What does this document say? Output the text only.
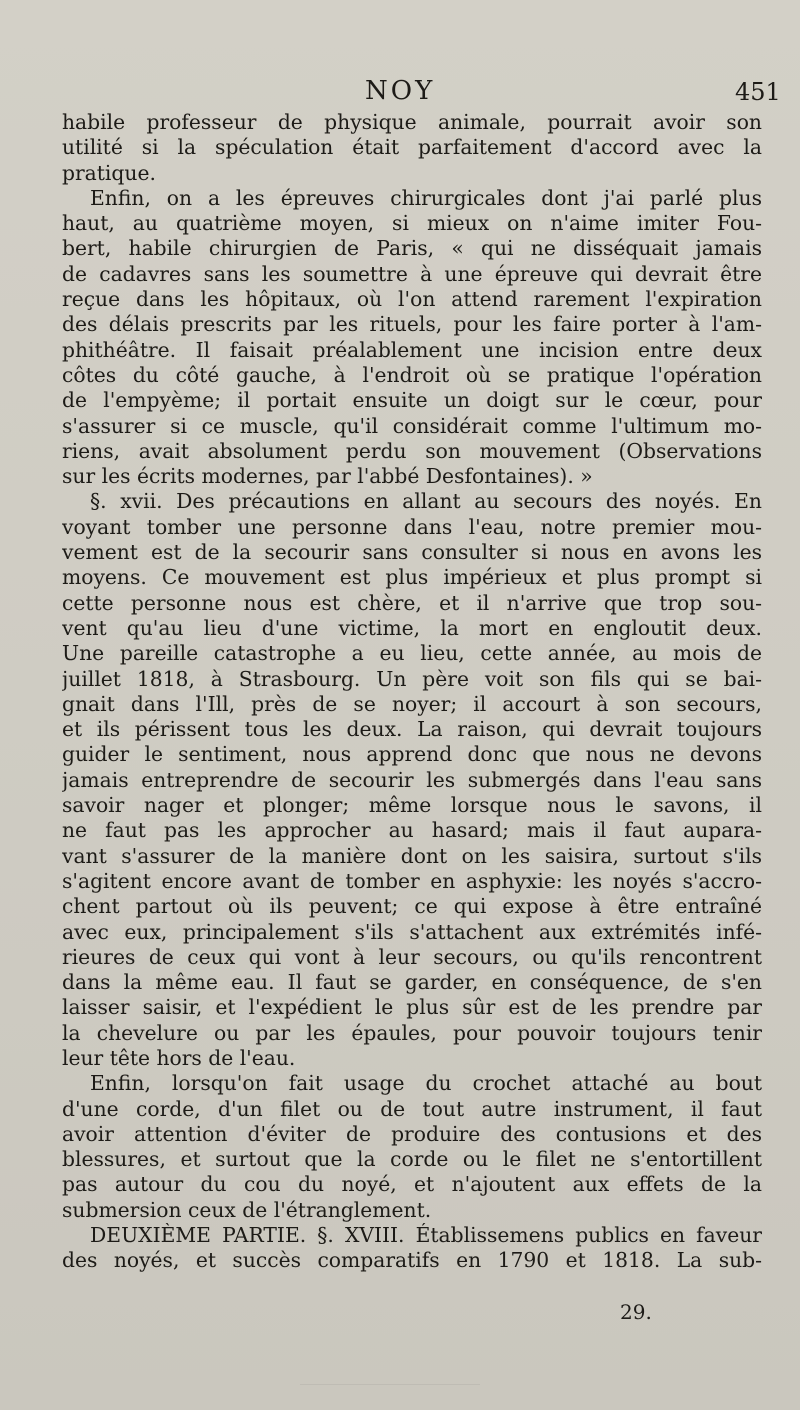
NOY	451
habile professeur de physique animale, pourrait avoir son
utilité si la spéculation était parfaitement d'accord avec la
pratique.
Enfin, on a les épreuves chirurgicales dont j'ai parlé plus
haut, au quatrième moyen, si mieux on n'aime imiter Fou-
bert, habile chirurgien de Paris, « qui ne disséquait jamais
de cadavres sans les soumettre à une épreuve qui devrait être
reçue dans les hôpitaux, où l'on attend rarement l'expiration
des délais prescrits par les rituels, pour les faire porter à l'am-
phithéâtre. Il faisait préalablement une incision entre deux
côtes du côté gauche, à l'endroit où se pratique l'opération
de l'empyème; il portait ensuite un doigt sur le cœur, pour
s'assurer si ce muscle, qu'il considérait comme l'ultimum mo-
riens, avait absolument perdu son mouvement (Observations
sur les écrits modernes, par l'abbé Desfontaines). »
§. xvii. Des précautions en allant au secours des noyés. En
voyant tomber une personne dans l'eau, notre premier mou-
vement est de la secourir sans consulter si nous en avons les
moyens. Ce mouvement est plus impérieux et plus prompt si
cette personne nous est chère, et il n'arrive que trop sou-
vent qu'au lieu d'une victime, la mort en engloutit deux.
Une pareille catastrophe a eu lieu, cette année, au mois de
juillet 1818, à Strasbourg. Un père voit son fils qui se bai-
gnait dans l'Ill, près de se noyer; il accourt à son secours,
et ils périssent tous les deux. La raison, qui devrait toujours
guider le sentiment, nous apprend donc que nous ne devons
jamais entreprendre de secourir les submergés dans l'eau sans
savoir nager et plonger; même lorsque nous le savons, il
ne faut pas les approcher au hasard; mais il faut aupara-
vant s'assurer de la manière dont on les saisira, surtout s'ils
s'agitent encore avant de tomber en asphyxie: les noyés s'accro-
chent partout où ils peuvent; ce qui expose à être entraîné
avec eux, principalement s'ils s'attachent aux extrémités infé-
rieures de ceux qui vont à leur secours, ou qu'ils rencontrent
dans la même eau. Il faut se garder, en conséquence, de s'en
laisser saisir, et l'expédient le plus sûr est de les prendre par
la chevelure ou par les épaules, pour pouvoir toujours tenir
leur tête hors de l'eau.
Enfin, lorsqu'on fait usage du crochet attaché au bout
d'une corde, d'un filet ou de tout autre instrument, il faut
avoir attention d'éviter de produire des contusions et des
blessures, et surtout que la corde ou le filet ne s'entortillent
pas autour du cou du noyé, et n'ajoutent aux effets de la
submersion ceux de l'étranglement.
DEUXIÈME PARTIE. §. XVIII. Établissemens publics en faveur
des noyés, et succès comparatifs en 1790 et 1818. La sub-
29.
